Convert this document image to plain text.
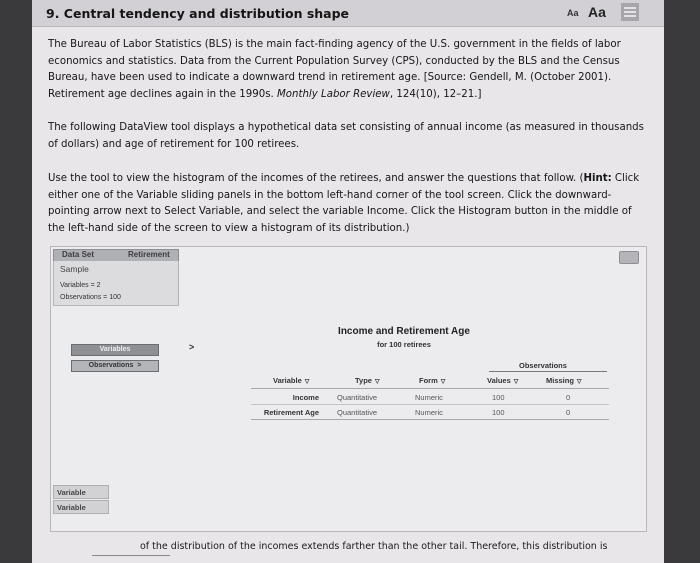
9. Central tendency and distribution shape	Aa Aa

The Bureau of Labor Statistics (BLS) is the main fact-finding agency of the U.S. government in the fields of labor economics and statistics. Data from the Current Population Survey (CPS), conducted by the BLS and the Census Bureau, have been used to indicate a downward trend in retirement age. [Source: Gendell, M. (October 2001). Retirement age declines again in the 1990s. Monthly Labor Review, 124(10), 12–21.]

The following DataView tool displays a hypothetical data set consisting of annual income (as measured in thousands of dollars) and age of retirement for 100 retirees.

Use the tool to view the histogram of the incomes of the retirees, and answer the questions that follow. (Hint: Click either one of the Variable sliding panels in the bottom left-hand corner of the tool screen. Click the downward-pointing arrow next to Select Variable, and select the variable Income. Click the Histogram button in the middle of the left-hand side of the screen to view a histogram of its distribution.)

Data Set	Retirement
Sample
Variables = 2
Observations = 100
Variables	>
Observations  >
Income and Retirement Age
for 100 retirees
Observations
Variable ▽	Type ▽	Form ▽	Values ▽	Missing ▽
Income Quantitative	Numeric	100	0
Retirement Age Quantitative	Numeric	100	0
Variable
Variable
of the distribution of the incomes extends farther than the other tail. Therefore, this distribution is
